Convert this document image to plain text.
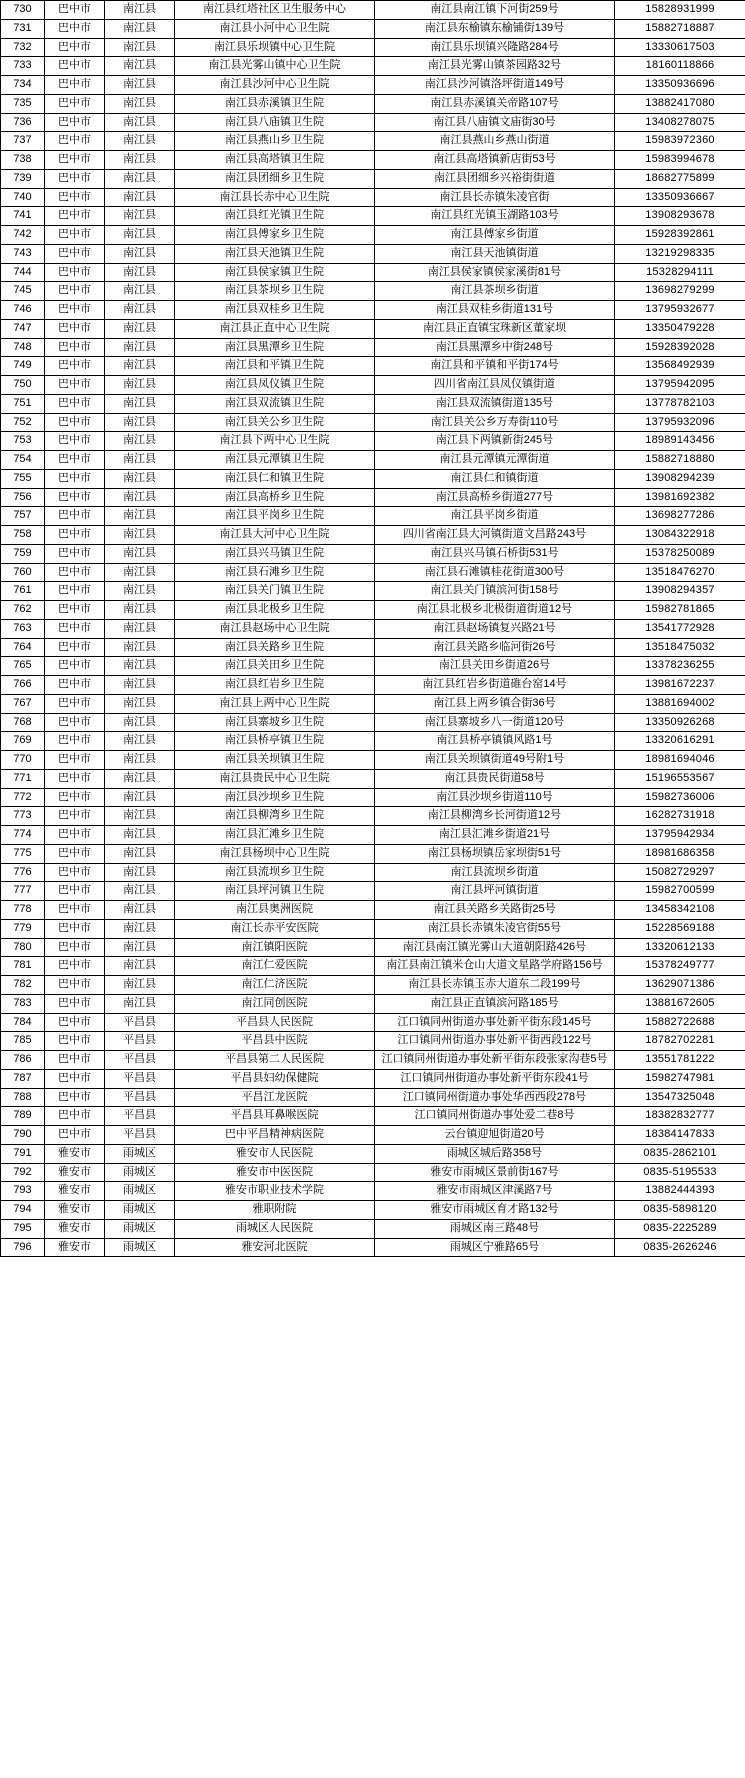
730	巴中市	南江县	南江县红塔社区卫生服务中心	南江县南江镇下河街259号	15828931999
731	巴中市	南江县	南江县小河中心卫生院	南江县东榆镇东榆铺街139号	15882718887
732	巴中市	南江县	南江县乐坝镇中心卫生院	南江县乐坝镇兴隆路284号	13330617503
733	巴中市	南江县	南江县光雾山镇中心卫生院	南江县光雾山镇茶园路32号	18160118866
734	巴中市	南江县	南江县沙河中心卫生院	南江县沙河镇洛坪街道149号	13350936696
735	巴中市	南江县	南江县赤溪镇卫生院	南江县赤溪镇关帝路107号	13882417080
736	巴中市	南江县	南江县八庙镇卫生院	南江县八庙镇文庙街30号	13408278075
737	巴中市	南江县	南江县燕山乡卫生院	南江县燕山乡燕山街道	15983972360
738	巴中市	南江县	南江县高塔镇卫生院	南江县高塔镇新店街53号	15983994678
739	巴中市	南江县	南江县团细乡卫生院	南江县团细乡兴裕街街道	18682775899
740	巴中市	南江县	南江县长赤中心卫生院	南江县长赤镇朱凌官街	13350936667
741	巴中市	南江县	南江县红光镇卫生院	南江县红光镇玉湖路103号	13908293678
742	巴中市	南江县	南江县傅家乡卫生院	南江县傅家乡街道	15928392861
743	巴中市	南江县	南江县天池镇卫生院	南江县天池镇街道	13219298335
744	巴中市	南江县	南江县侯家镇卫生院	南江县侯家镇侯家溪街81号	15328294111
745	巴中市	南江县	南江县茶坝乡卫生院	南江县茶坝乡街道	13698279299
746	巴中市	南江县	南江县双桂乡卫生院	南江县双桂乡街道131号	13795932677
747	巴中市	南江县	南江县正直中心卫生院	南江县正直镇宝珠新区董家坝	13350479228
748	巴中市	南江县	南江县黑潭乡卫生院	南江县黑潭乡中街248号	15928392028
749	巴中市	南江县	南江县和平镇卫生院	南江县和平镇和平街174号	13568492939
750	巴中市	南江县	南江县凤仪镇卫生院	四川省南江县凤仪镇街道	13795942095
751	巴中市	南江县	南江县双流镇卫生院	南江县双流镇街道135号	13778782103
752	巴中市	南江县	南江县关公乡卫生院	南江县关公乡万寿街110号	13795932096
753	巴中市	南江县	南江县下两中心卫生院	南江县下两镇新街245号	18989143456
754	巴中市	南江县	南江县元潭镇卫生院	南江县元潭镇元潭街道	15882718880
755	巴中市	南江县	南江县仁和镇卫生院	南江县仁和镇街道	13908294239
756	巴中市	南江县	南江县高桥乡卫生院	南江县高桥乡街道277号	13981692382
757	巴中市	南江县	南江县平岗乡卫生院	南江县平岗乡街道	13698277286
758	巴中市	南江县	南江县大河中心卫生院	四川省南江县大河镇街道文昌路243号	13084322918
759	巴中市	南江县	南江县兴马镇卫生院	南江县兴马镇石桥街531号	15378250089
760	巴中市	南江县	南江县石滩乡卫生院	南江县石滩镇桂花街道300号	13518476270
761	巴中市	南江县	南江县关门镇卫生院	南江县关门镇滨河街158号	13908294357
762	巴中市	南江县	南江县北极乡卫生院	南江县北极乡北极街道街道12号	15982781865
763	巴中市	南江县	南江县赵场中心卫生院	南江县赵场镇复兴路21号	13541772928
764	巴中市	南江县	南江县关路乡卫生院	南江县关路乡临河街26号	13518475032
765	巴中市	南江县	南江县关田乡卫生院	南江县关田乡街道26号	13378236255
766	巴中市	南江县	南江县红岩乡卫生院	南江县红岩乡街道碓台窑14号	13981672237
767	巴中市	南江县	南江县上两中心卫生院	南江县上两乡镇合街36号	13881694002
768	巴中市	南江县	南江县寨坡乡卫生院	南江县寨坡乡八一街道120号	13350926268
769	巴中市	南江县	南江县桥亭镇卫生院	南江县桥亭镇镇风路1号	13320616291
770	巴中市	南江县	南江县关坝镇卫生院	南江县关坝镇街道49号附1号	18981694046
771	巴中市	南江县	南江县贵民中心卫生院	南江县贵民街道58号	15196553567
772	巴中市	南江县	南江县沙坝乡卫生院	南江县沙坝乡街道110号	15982736006
773	巴中市	南江县	南江县柳湾乡卫生院	南江县柳湾乡长河街道12号	16282731918
774	巴中市	南江县	南江县汇滩乡卫生院	南江县汇滩乡街道21号	13795942934
775	巴中市	南江县	南江县杨坝中心卫生院	南江县杨坝镇岳家坝街51号	18981686358
776	巴中市	南江县	南江县流坝乡卫生院	南江县流坝乡街道	15082729297
777	巴中市	南江县	南江县坪河镇卫生院	南江县坪河镇街道	15982700599
778	巴中市	南江县	南江县奥洲医院	南江县关路乡关路街25号	13458342108
779	巴中市	南江县	南江长赤平安医院	南江县长赤镇朱凌官街55号	15228569188
780	巴中市	南江县	南江镇阳医院	南江县南江镇光雾山大道朝阳路426号	13320612133
781	巴中市	南江县	南江仁爱医院	南江县南江镇米仓山大道文星路学府路156号	15378249777
782	巴中市	南江县	南江仁济医院	南江县长赤镇玉赤大道东二段199号	13629071386
783	巴中市	南江县	南江同创医院	南江县正直镇滨河路185号	13881672605
784	巴中市	平昌县	平昌县人民医院	江口镇同州街道办事处新平街东段145号	15882722688
785	巴中市	平昌县	平昌县中医院	江口镇同州街道办事处新平街西段122号	18782702281
786	巴中市	平昌县	平昌县第二人民医院	江口镇同州街道办事处新平街东段张家沟巷5号	13551781222
787	巴中市	平昌县	平昌县妇幼保健院	江口镇同州街道办事处新平街东段41号	15982747981
788	巴中市	平昌县	平昌江龙医院	江口镇同州街道办事处华西西段278号	13547325048
789	巴中市	平昌县	平昌县耳鼻喉医院	江口镇同州街道办事处爱二巷8号	18382832777
790	巴中市	平昌县	巴中平昌精神病医院	云台镇迎旭街道20号	18384147833
791	雅安市	雨城区	雅安市人民医院	雨城区城后路358号	0835-2862101
792	雅安市	雨城区	雅安市中医医院	雅安市雨城区景前街167号	0835-5195533
793	雅安市	雨城区	雅安市职业技术学院	雅安市雨城区津溪路7号	13882444393
794	雅安市	雨城区	雅职附院	雅安市雨城区育才路132号	0835-5898120
795	雅安市	雨城区	雨城区人民医院	雨城区南三路48号	0835-2225289
796	雅安市	雨城区	雅安河北医院	雨城区宁雅路65号	0835-2626246
